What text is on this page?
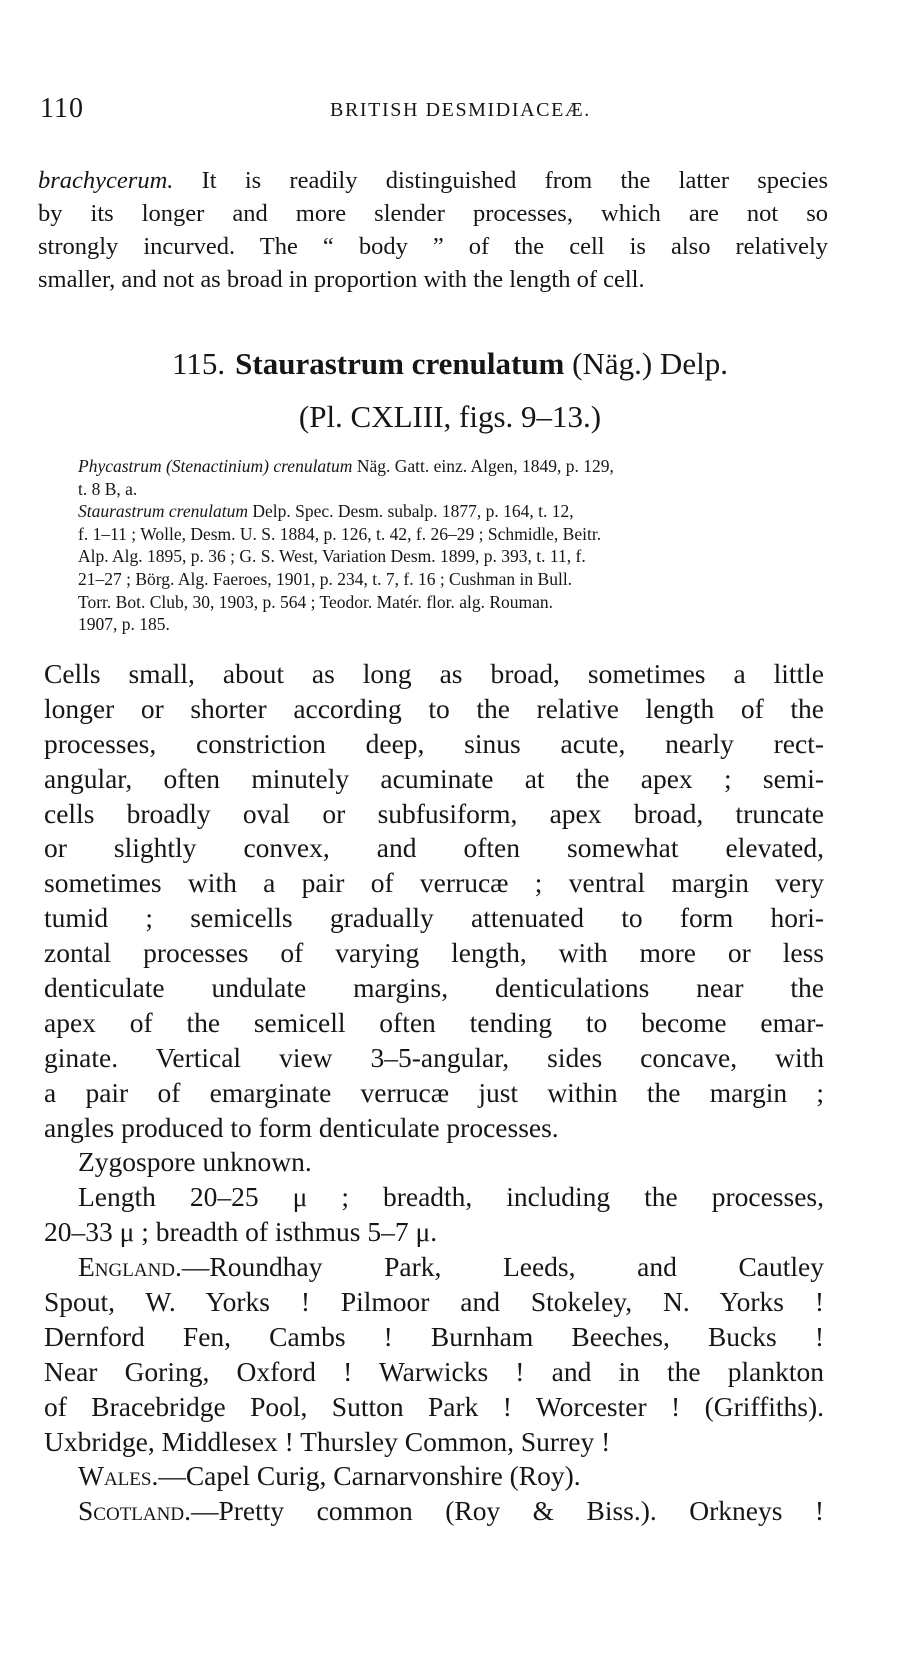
110	BRITISH DESMIDIACEÆ.
brachycerum. It is readily distinguished from the latter species
by its longer and more slender processes, which are not so
strongly incurved. The “ body ” of the cell is also relatively
smaller, and not as broad in proportion with the length of cell.
115. Staurastrum crenulatum (Näg.) Delp.
(Pl. CXLIII, figs. 9–13.)
Phycastrum (Stenactinium) crenulatum Näg. Gatt. einz. Algen, 1849, p. 129,
t. 8 B, a.
Staurastrum crenulatum Delp. Spec. Desm. subalp. 1877, p. 164, t. 12,
f. 1–11 ; Wolle, Desm. U. S. 1884, p. 126, t. 42, f. 26–29 ; Schmidle, Beitr.
Alp. Alg. 1895, p. 36 ; G. S. West, Variation Desm. 1899, p. 393, t. 11, f.
21–27 ; Börg. Alg. Faeroes, 1901, p. 234, t. 7, f. 16 ; Cushman in Bull.
Torr. Bot. Club, 30, 1903, p. 564 ; Teodor. Matér. flor. alg. Rouman.
1907, p. 185.
Cells small, about as long as broad, sometimes a little
longer or shorter according to the relative length of the
processes, constriction deep, sinus acute, nearly rect-
angular, often minutely acuminate at the apex ; semi-
cells broadly oval or subfusiform, apex broad, truncate
or slightly convex, and often somewhat elevated,
sometimes with a pair of verrucæ ; ventral margin very
tumid ; semicells gradually attenuated to form hori-
zontal processes of varying length, with more or less
denticulate undulate margins, denticulations near the
apex of the semicell often tending to become emar-
ginate. Vertical view 3–5-angular, sides concave, with
a pair of emarginate verrucæ just within the margin ;
angles produced to form denticulate processes.
Zygospore unknown.
Length 20–25 μ ; breadth, including the processes,
20–33 μ ; breadth of isthmus 5–7 μ.
England.—Roundhay Park, Leeds, and Cautley
Spout, W. Yorks ! Pilmoor and Stokeley, N. Yorks !
Dernford Fen, Cambs ! Burnham Beeches, Bucks !
Near Goring, Oxford ! Warwicks ! and in the plankton
of Bracebridge Pool, Sutton Park ! Worcester ! (Griffiths).
Uxbridge, Middlesex ! Thursley Common, Surrey !
Wales.—Capel Curig, Carnarvonshire (Roy).
Scotland.—Pretty common (Roy & Biss.). Orkneys !
